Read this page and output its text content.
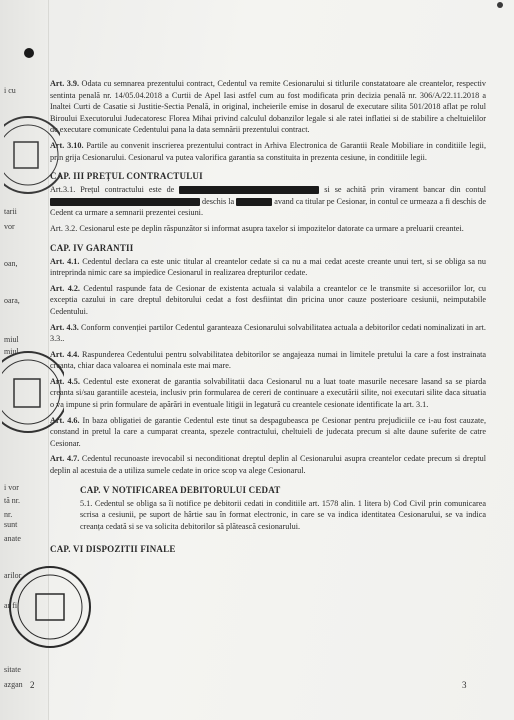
i cu
tarii
vor
oan,
oara,
miul
miul
i vor
tă nr.
nr.
sunt
anate
arilor
ar fi
sitate
azgan

Art. 3.9. Odata cu semnarea prezentului contract, Cedentul va remite Cesionarului si titlurile constatatoare ale creantelor, respectiv sentinta penală nr. 14/05.04.2018 a Curtii de Apel Iasi astfel cum au fost modificata prin decizia penală nr. 306/A/22.11.2018 a Inaltei Curti de Casatie si Justitie-Sectia Penală, in original, incheierile emise in dosarul de executare silita 501/2018 aflat pe rolul Biroului Executorului Judecatoresc Florea Mihai privind calculul dobanzilor legale si ale ratei inflatiei si de stabilire a cheltuielilor de executare comunicate Cedentului pana la data semnării prezentului contract.

Art. 3.10. Partile au convenit inscrierea prezentului contract in Arhiva Electronica de Garantii Reale Mobiliare in conditiile legii, prin grija Cesionarului. Cesionarul va putea valorifica garantia sa constituita in prezenta cesiune, in conditiile legii.

CAP. III PREȚUL CONTRACTULUI

Art.3.1. Prețul contractului este de	si se achită prin virament bancar din contul  deschis la	avand ca titular pe Cesionar, in contul ce urmeaza a fi deschis de Cedent ca urmare a semnarii prezentei cesiuni.

Art. 3.2. Cesionarul este pe deplin răspunzător si informat asupra taxelor si impozitelor datorate ca urmare a preluarii creantei.

CAP. IV GARANTII

Art. 4.1. Cedentul declara ca este unic titular al creantelor cedate si ca nu a mai cedat aceste creante unui tert, si se obliga sa nu intreprinda nimic care sa impiedice Cesionarul in realizarea drepturilor cedate.

Art. 4.2. Cedentul raspunde fata de Cesionar de existenta actuala si valabila a creantelor ce le transmite si accesoriilor lor, cu exceptia cazului in care dreptul debitorului cedat a fost desfiintat din pricina unor cauze posterioare cesiunii, neimputabile Cedentului.

Art. 4.3. Conform convenției partilor Cedentul garanteaza Cesionarului solvabilitatea actuala a debitorilor cedati nominalizati in art. 3.3..

Art. 4.4. Raspunderea Cedentului pentru solvabilitatea debitorilor se angajeaza numai in limitele pretului la care a fost instrainata creanta, chiar daca valoarea ei nominala este mai mare.

Art. 4.5. Cedentul este exonerat de garantia solvabilitatii daca Cesionarul nu a luat toate masurile necesare lasand sa se piarda creanta si/sau garantiile acesteia, inclusiv prin formularea de cereri de continuare a executării silite, noi executari silite daca situatia o va impune si prin formulare de apărări in eventuale litigii in legatură cu creantele cesionate identificate la art. 3.1.

Art. 4.6. In baza obligatiei de garantie Cedentul este tinut sa despagubeasca pe Cesionar pentru prejudiciile ce i-au fost cauzate, constand in pretul la care a cumparat creanta, spezele contractului, cheltuieli de judecata precum si alte daune suferite de catre Cesionar.

Art. 4.7. Cedentul recunoaste irevocabil si neconditionat dreptul deplin al Cesionarului asupra creantelor cedate precum si dreptul deplin al acestuia de a utiliza sumele cedate in orice scop va alege Cesionarul.

CAP. V NOTIFICAREA DEBITORULUI CEDAT

5.1. Cedentul se obliga sa îi notifice pe debitorii cedati in conditiile art. 1578 alin. 1 litera b) Cod Civil prin comunicarea scrisa a cesiunii, pe suport de hârtie sau în format electronic, in care se va indica identitatea Cesionarului, se va indica creanța cedată si se va solicita debitorilor să plătească cesionarului.

CAP. VI DISPOZITII FINALE
2	3
